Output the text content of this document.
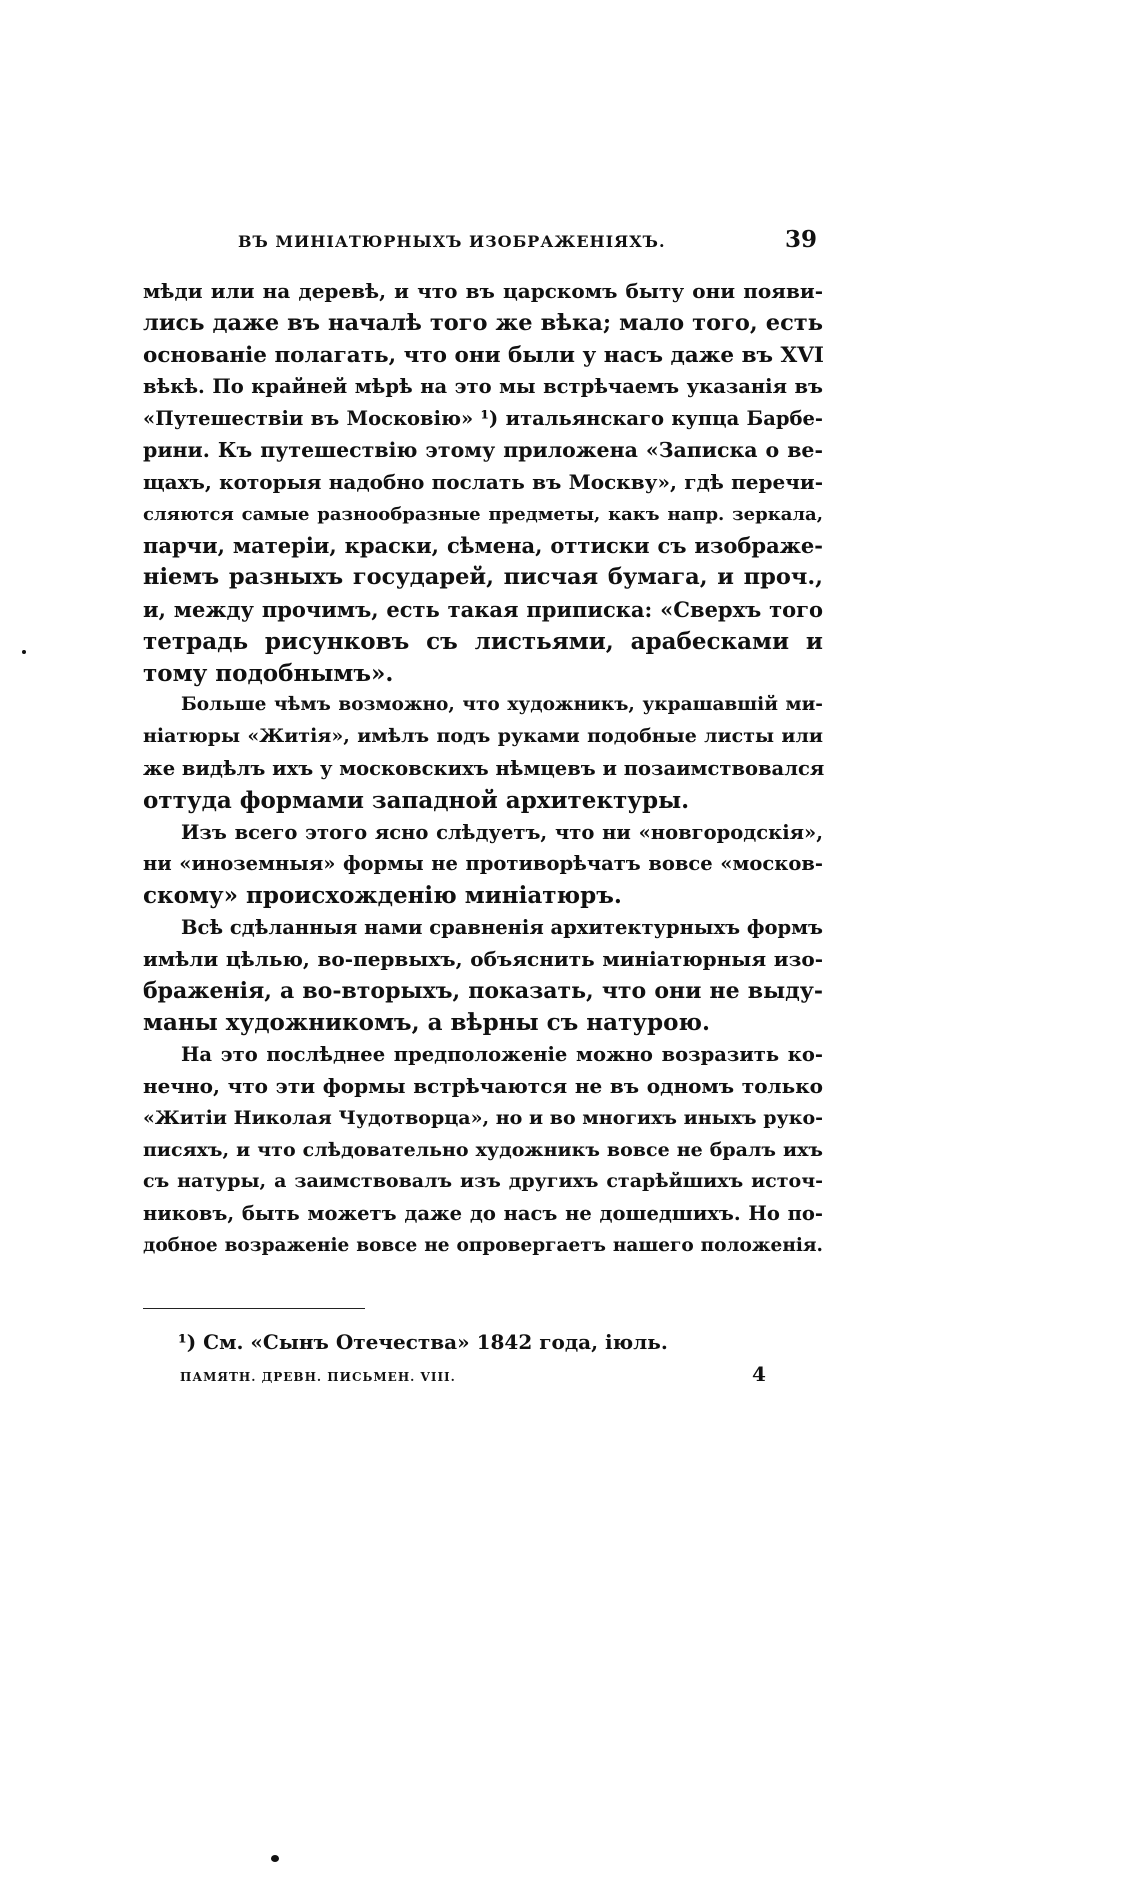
ВЪ МИНІАТЮРНЫХЪ ИЗОБРАЖЕНІЯХЪ.	39
мѣди или на деревѣ, и что въ царскомъ быту они появи-
лись даже въ началѣ того же вѣка; мало того, есть
основаніе полагать, что они были у насъ даже въ XVI
вѣкѣ. По крайней мѣрѣ на это мы встрѣчаемъ указанія въ
«Путешествіи въ Московію» ¹) итальянскаго купца Барбе-
рини. Къ путешествію этому приложена «Записка о ве-
щахъ, которыя надобно послать въ Москву», гдѣ перечи-
сляются самые разнообразные предметы, какъ напр. зеркала,
парчи, матеріи, краски, сѣмена, оттиски съ изображе-
ніемъ разныхъ государей, писчая бумага, и проч.,
и, между прочимъ, есть такая приписка: «Сверхъ того
тетрадь рисунковъ съ листьями, арабесками и
тому подобнымъ».
Больше чѣмъ возможно, что художникъ, украшавшій ми-
ніатюры «Житія», имѣлъ подъ руками подобные листы или
же видѣлъ ихъ у московскихъ нѣмцевъ и позаимствовался
оттуда формами западной архитектуры.
Изъ всего этого ясно слѣдуетъ, что ни «новгородскія»,
ни «иноземныя» формы не противорѣчатъ вовсе «москов-
скому» происхожденію миніатюръ.
Всѣ сдѣланныя нами сравненія архитектурныхъ формъ
имѣли цѣлью, во-первыхъ, объяснить миніатюрныя изо-
браженія, а во-вторыхъ, показать, что они не выду-
маны художникомъ, а вѣрны съ натурою.
На это послѣднее предположеніе можно возразить ко-
нечно, что эти формы встрѣчаются не въ одномъ только
«Житіи Николая Чудотворца», но и во многихъ иныхъ руко-
писяхъ, и что слѣдовательно художникъ вовсе не бралъ ихъ
съ натуры, а заимствовалъ изъ другихъ старѣйшихъ источ-
никовъ, быть можетъ даже до насъ не дошедшихъ. Но по-
добное возраженіе вовсе не опровергаетъ нашего положенія.
¹) См. «Сынъ Отечества» 1842 года, іюль.
ПАМЯТН. ДРЕВН. ПИСЬМЕН. VIII.	4
